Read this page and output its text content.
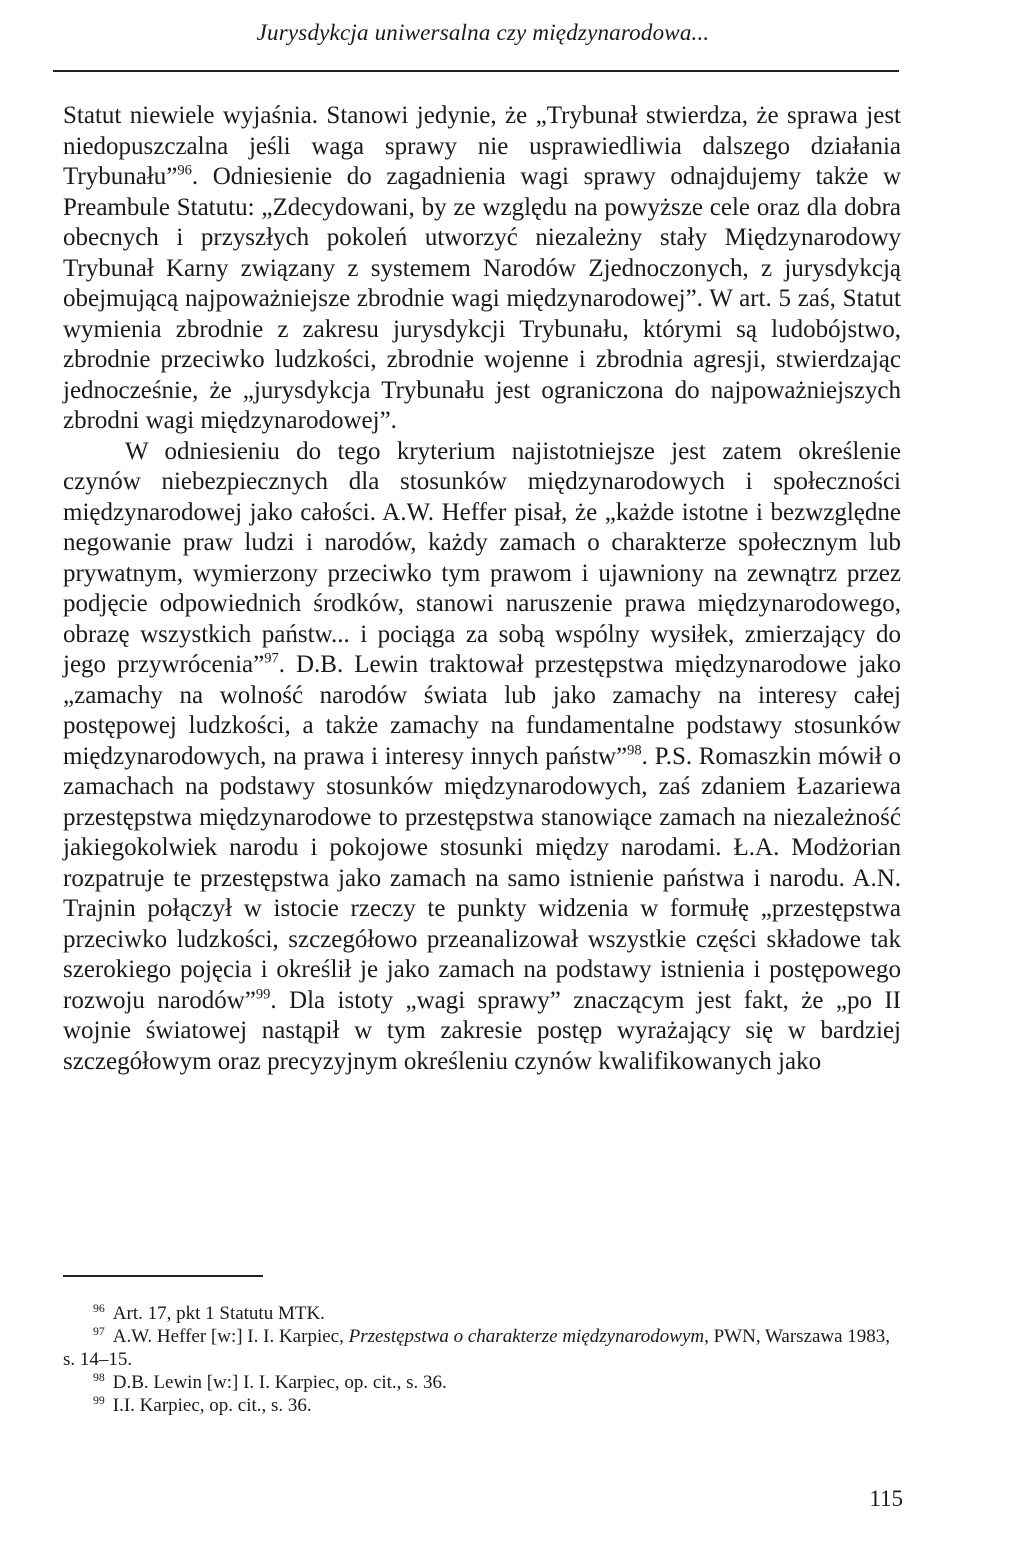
Jurysdykcja uniwersalna czy międzynarodowa...

Statut niewiele wyjaśnia. Stanowi jedynie, że „Trybunał stwierdza, że sprawa jest niedopuszczalna jeśli waga sprawy nie usprawiedliwia dalszego działania Trybunału”$^{96}$. Odniesienie do zagadnienia wagi sprawy odnajdujemy także w Preambule Statutu: „Zdecydowani, by ze względu na powyższe cele oraz dla dobra obecnych i przyszłych pokoleń utworzyć niezależny stały Międzynarodowy Trybunał Karny związany z systemem Narodów Zjednoczonych, z jurysdykcją obejmującą najpoważniejsze zbrodnie wagi międzynarodowej”. W art. 5 zaś, Statut wymienia zbrodnie z zakresu jurysdykcji Trybunału, którymi są ludobójstwo, zbrodnie przeciwko ludzkości, zbrodnie wojenne i zbrodnia agresji, stwierdzając jednocześnie, że „jurysdykcja Trybunału jest ograniczona do najpoważniejszych zbrodni wagi międzynarodowej”.

W odniesieniu do tego kryterium najistotniejsze jest zatem określenie czynów niebezpiecznych dla stosunków międzynarodowych i społeczności międzynarodowej jako całości. A.W. Heffer pisał, że „każde istotne i bezwzględne negowanie praw ludzi i narodów, każdy zamach o charakterze społecznym lub prywatnym, wymierzony przeciwko tym prawom i ujawniony na zewnątrz przez podjęcie odpowiednich środków, stanowi naruszenie prawa międzynarodowego, obrazę wszystkich państw... i pociąga za sobą wspólny wysiłek, zmierzający do jego przywrócenia”$^{97}$. D.B. Lewin traktował przestępstwa międzynarodowe jako „zamachy na wolność narodów świata lub jako zamachy na interesy całej postępowej ludzkości, a także zamachy na fundamentalne podstawy stosunków międzynarodowych, na prawa i interesy innych państw”$^{98}$. P.S. Romaszkin mówił o zamachach na podstawy stosunków międzynarodowych, zaś zdaniem Łazariewa przestępstwa międzynarodowe to przestępstwa stanowiące zamach na niezależność jakiegokolwiek narodu i pokojowe stosunki między narodami. Ł.A. Modżorian rozpatruje te przestępstwa jako zamach na samo istnienie państwa i narodu. A.N. Trajnin połączył w istocie rzeczy te punkty widzenia w formułę „przestępstwa przeciwko ludzkości, szczegółowo przeanalizował wszystkie części składowe tak szerokiego pojęcia i określił je jako zamach na podstawy istnienia i postępowego rozwoju narodów”$^{99}$. Dla istoty „wagi sprawy” znaczącym jest fakt, że „po II wojnie światowej nastąpił w tym zakresie postęp wyrażający się w bardziej szczegółowym oraz precyzyjnym określeniu czynów kwalifikowanych jako

$^{96}$ Art. 17, pkt 1 Statutu MTK.

$^{97}$ A.W. Heffer [w:] I. I. Karpiec, Przestępstwa o charakterze międzynarodowym, PWN, Warszawa 1983, s. 14–15.

$^{98}$ D.B. Lewin [w:] I. I. Karpiec, op. cit., s. 36.

$^{99}$ I.I. Karpiec, op. cit., s. 36.

115
